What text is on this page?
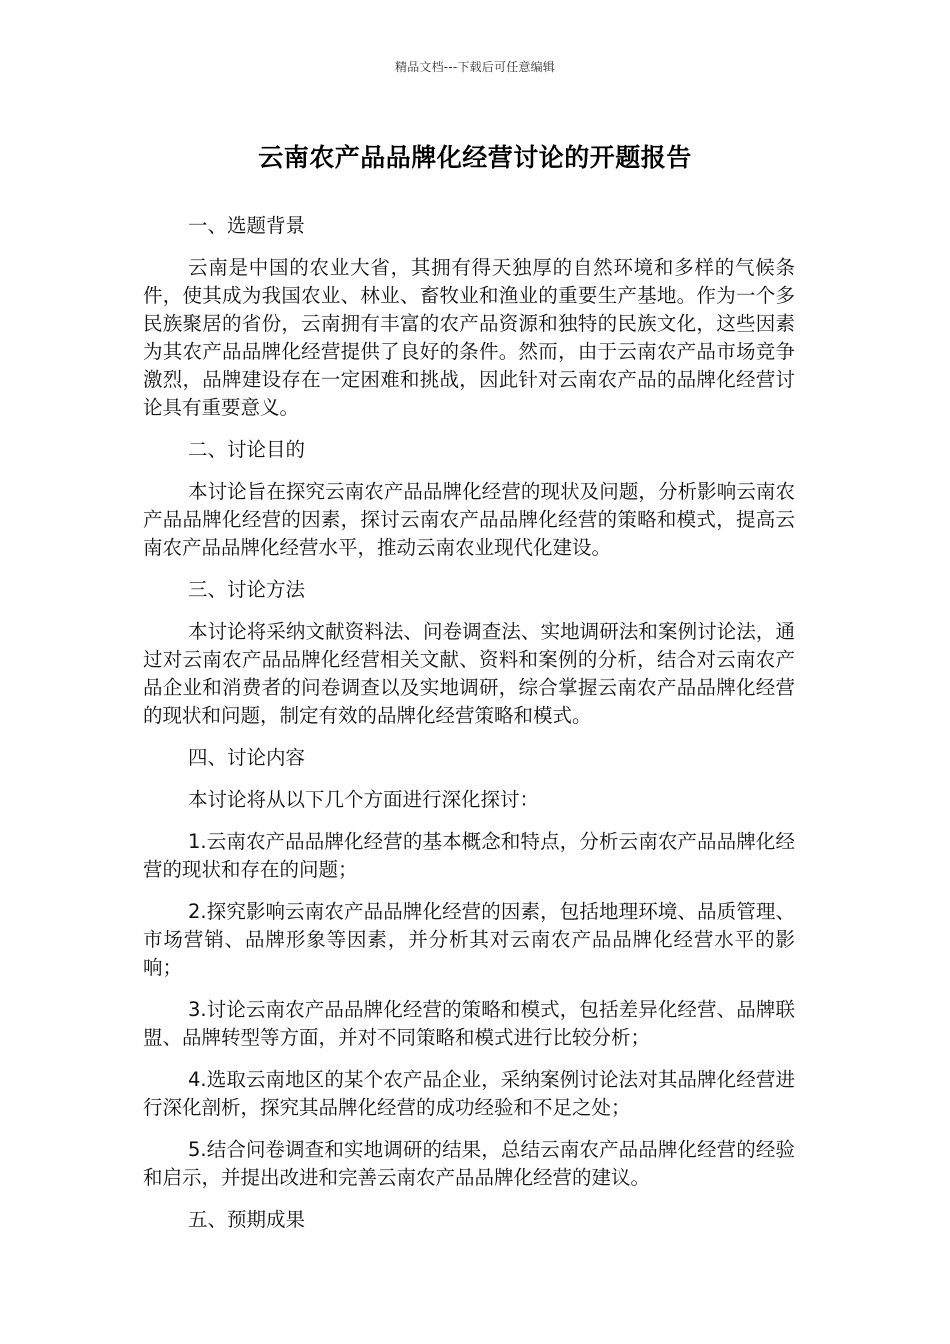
精品文档---下载后可任意编辑
云南农产品品牌化经营讨论的开题报告

一、选题背景

云南是中国的农业大省，其拥有得天独厚的自然环境和多样的气候条件，使其成为我国农业、林业、畜牧业和渔业的重要生产基地。作为一个多民族聚居的省份，云南拥有丰富的农产品资源和独特的民族文化，这些因素为其农产品品牌化经营提供了良好的条件。然而，由于云南农产品市场竞争激烈，品牌建设存在一定困难和挑战，因此针对云南农产品的品牌化经营讨论具有重要意义。

二、讨论目的

本讨论旨在探究云南农产品品牌化经营的现状及问题，分析影响云南农产品品牌化经营的因素，探讨云南农产品品牌化经营的策略和模式，提高云南农产品品牌化经营水平，推动云南农业现代化建设。

三、讨论方法

本讨论将采纳文献资料法、问卷调查法、实地调研法和案例讨论法，通过对云南农产品品牌化经营相关文献、资料和案例的分析，结合对云南农产品企业和消费者的问卷调查以及实地调研，综合掌握云南农产品品牌化经营的现状和问题，制定有效的品牌化经营策略和模式。

四、讨论内容

本讨论将从以下几个方面进行深化探讨：

1.云南农产品品牌化经营的基本概念和特点，分析云南农产品品牌化经营的现状和存在的问题；

2.探究影响云南农产品品牌化经营的因素，包括地理环境、品质管理、市场营销、品牌形象等因素，并分析其对云南农产品品牌化经营水平的影响；

3.讨论云南农产品品牌化经营的策略和模式，包括差异化经营、品牌联盟、品牌转型等方面，并对不同策略和模式进行比较分析；

4.选取云南地区的某个农产品企业，采纳案例讨论法对其品牌化经营进行深化剖析，探究其品牌化经营的成功经验和不足之处；

5.结合问卷调查和实地调研的结果，总结云南农产品品牌化经营的经验和启示，并提出改进和完善云南农产品品牌化经营的建议。

五、预期成果
